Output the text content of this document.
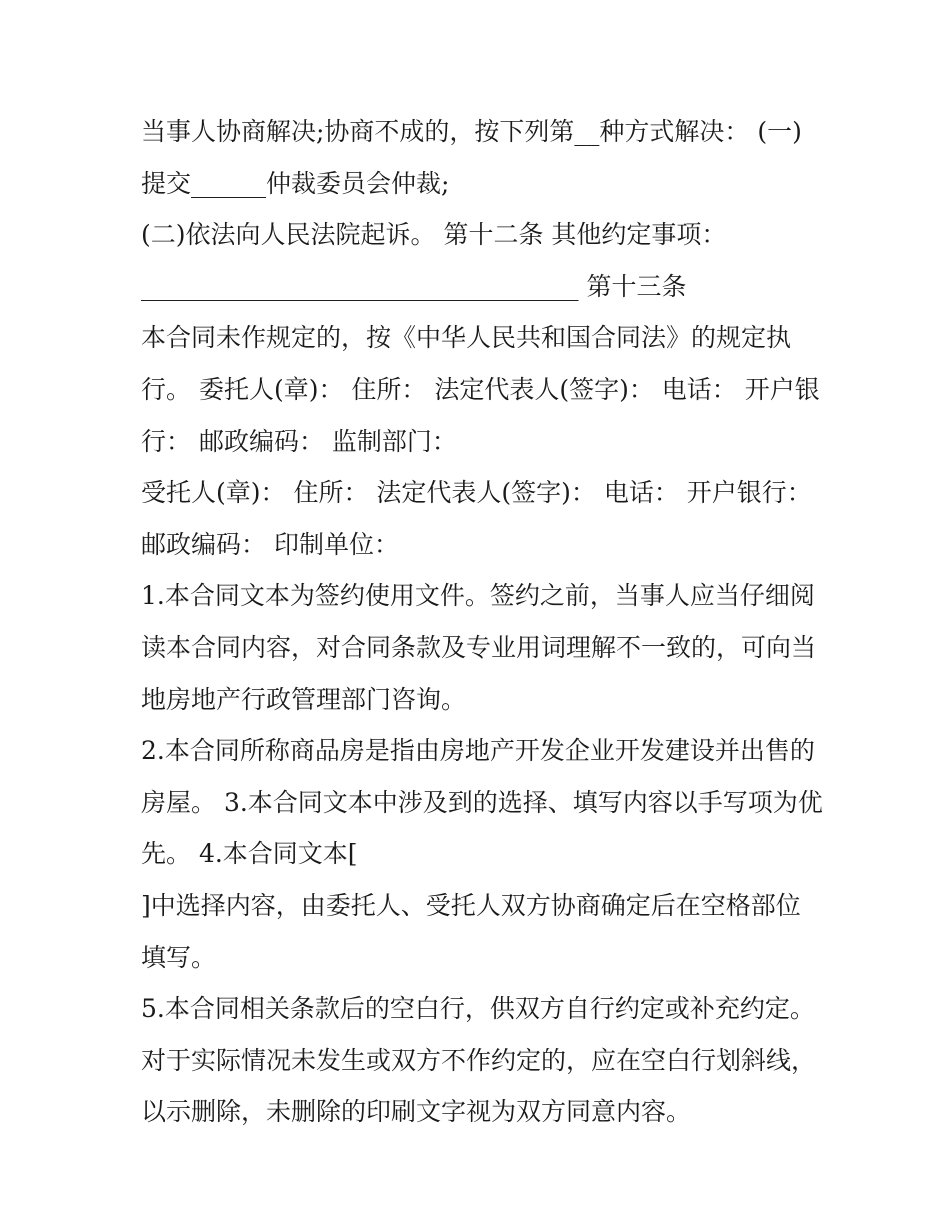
当事人协商解决;协商不成的，按下列第__种方式解决： (一)
提交______仲裁委员会仲裁;
(二)依法向人民法院起诉。 第十二条 其他约定事项：
___________________________________ 第十三条
本合同未作规定的，按《中华人民共和国合同法》的规定执
行。 委托人(章)： 住所： 法定代表人(签字)： 电话： 开户银
行： 邮政编码： 监制部门：
受托人(章)： 住所： 法定代表人(签字)： 电话： 开户银行：
邮政编码： 印制单位：
1.本合同文本为签约使用文件。签约之前，当事人应当仔细阅
读本合同内容，对合同条款及专业用词理解不一致的，可向当
地房地产行政管理部门咨询。
2.本合同所称商品房是指由房地产开发企业开发建设并出售的
房屋。 3.本合同文本中涉及到的选择、填写内容以手写项为优
先。 4.本合同文本[
]中选择内容，由委托人、受托人双方协商确定后在空格部位
填写。
5.本合同相关条款后的空白行，供双方自行约定或补充约定。
对于实际情况未发生或双方不作约定的，应在空白行划斜线，
以示删除，未删除的印刷文字视为双方同意内容。
